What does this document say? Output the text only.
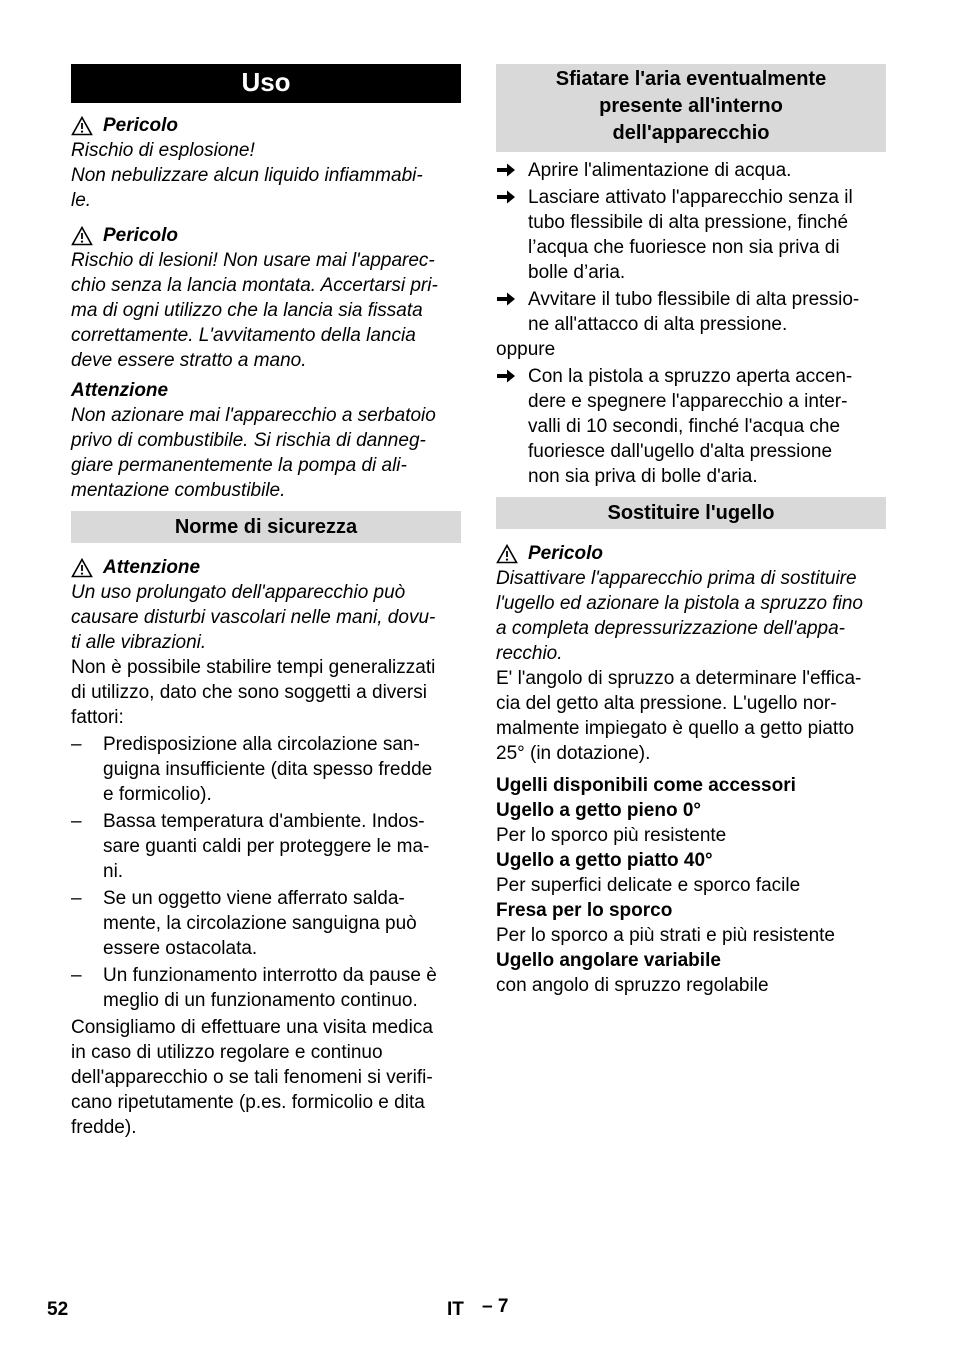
Uso
Pericolo

Rischio di esplosione!

Non nebulizzare alcun liquido infiammabi-

le.

Pericolo

Rischio di lesioni! Non usare mai l'apparec-

chio senza la lancia montata. Accertarsi pri-

ma di ogni utilizzo che la lancia sia fissata

correttamente. L'avvitamento della lancia

deve essere stratto a mano.

Attenzione

Non azionare mai l'apparecchio a serbatoio

privo di combustibile. Si rischia di danneg-

giare permanentemente la pompa di ali-

mentazione combustibile.

Norme di sicurezza
Attenzione

Un uso prolungato dell'apparecchio può

causare disturbi vascolari nelle mani, dovu-

ti alle vibrazioni.

Non è possibile stabilire tempi generalizzati

di utilizzo, dato che sono soggetti a diversi

fattori:

–	Predisposizione alla circolazione san-
guigna insufficiente (dita spesso fredde
e formicolio).
–	Bassa temperatura d'ambiente. Indos-
sare guanti caldi per proteggere le ma-
ni.
–	Se un oggetto viene afferrato salda-
mente, la circolazione sanguigna può
essere ostacolata.
–	Un funzionamento interrotto da pause è
meglio di un funzionamento continuo.

Consigliamo di effettuare una visita medica

in caso di utilizzo regolare e continuo

dell'apparecchio o se tali fenomeni si verifi-

cano ripetutamente (p.es. formicolio e dita

fredde).

Sfiatare l'aria eventualmente
presente all'interno
dell'apparecchio
Aprire l'alimentazione di acqua.
Lasciare attivato l'apparecchio senza il
tubo flessibile di alta pressione, finché
l’acqua che fuoriesce non sia priva di
bolle d’aria.
Avvitare il tubo flessibile di alta pressio-
ne all'attacco di alta pressione.

oppure

Con la pistola a spruzzo aperta accen-
dere e spegnere l'apparecchio a inter-
valli di 10 secondi, finché l'acqua che
fuoriesce dall'ugello d'alta pressione
non sia priva di bolle d'aria.
Sostituire l'ugello
Pericolo

Disattivare l'apparecchio prima di sostituire

l'ugello ed azionare la pistola a spruzzo fino

a completa depressurizzazione dell'appa-

recchio.

E' l'angolo di spruzzo a determinare l'effica-

cia del getto alta pressione. L'ugello nor-

malmente impiegato è quello a getto piatto

25° (in dotazione).

Ugelli disponibili come accessori

Ugello a getto pieno 0°

Per lo sporco più resistente

Ugello a getto piatto 40°

Per superfici delicate e sporco facile

Fresa per lo sporco

Per lo sporco a più strati e più resistente

Ugello angolare variabile

con angolo di spruzzo regolabile

52	IT – 7
